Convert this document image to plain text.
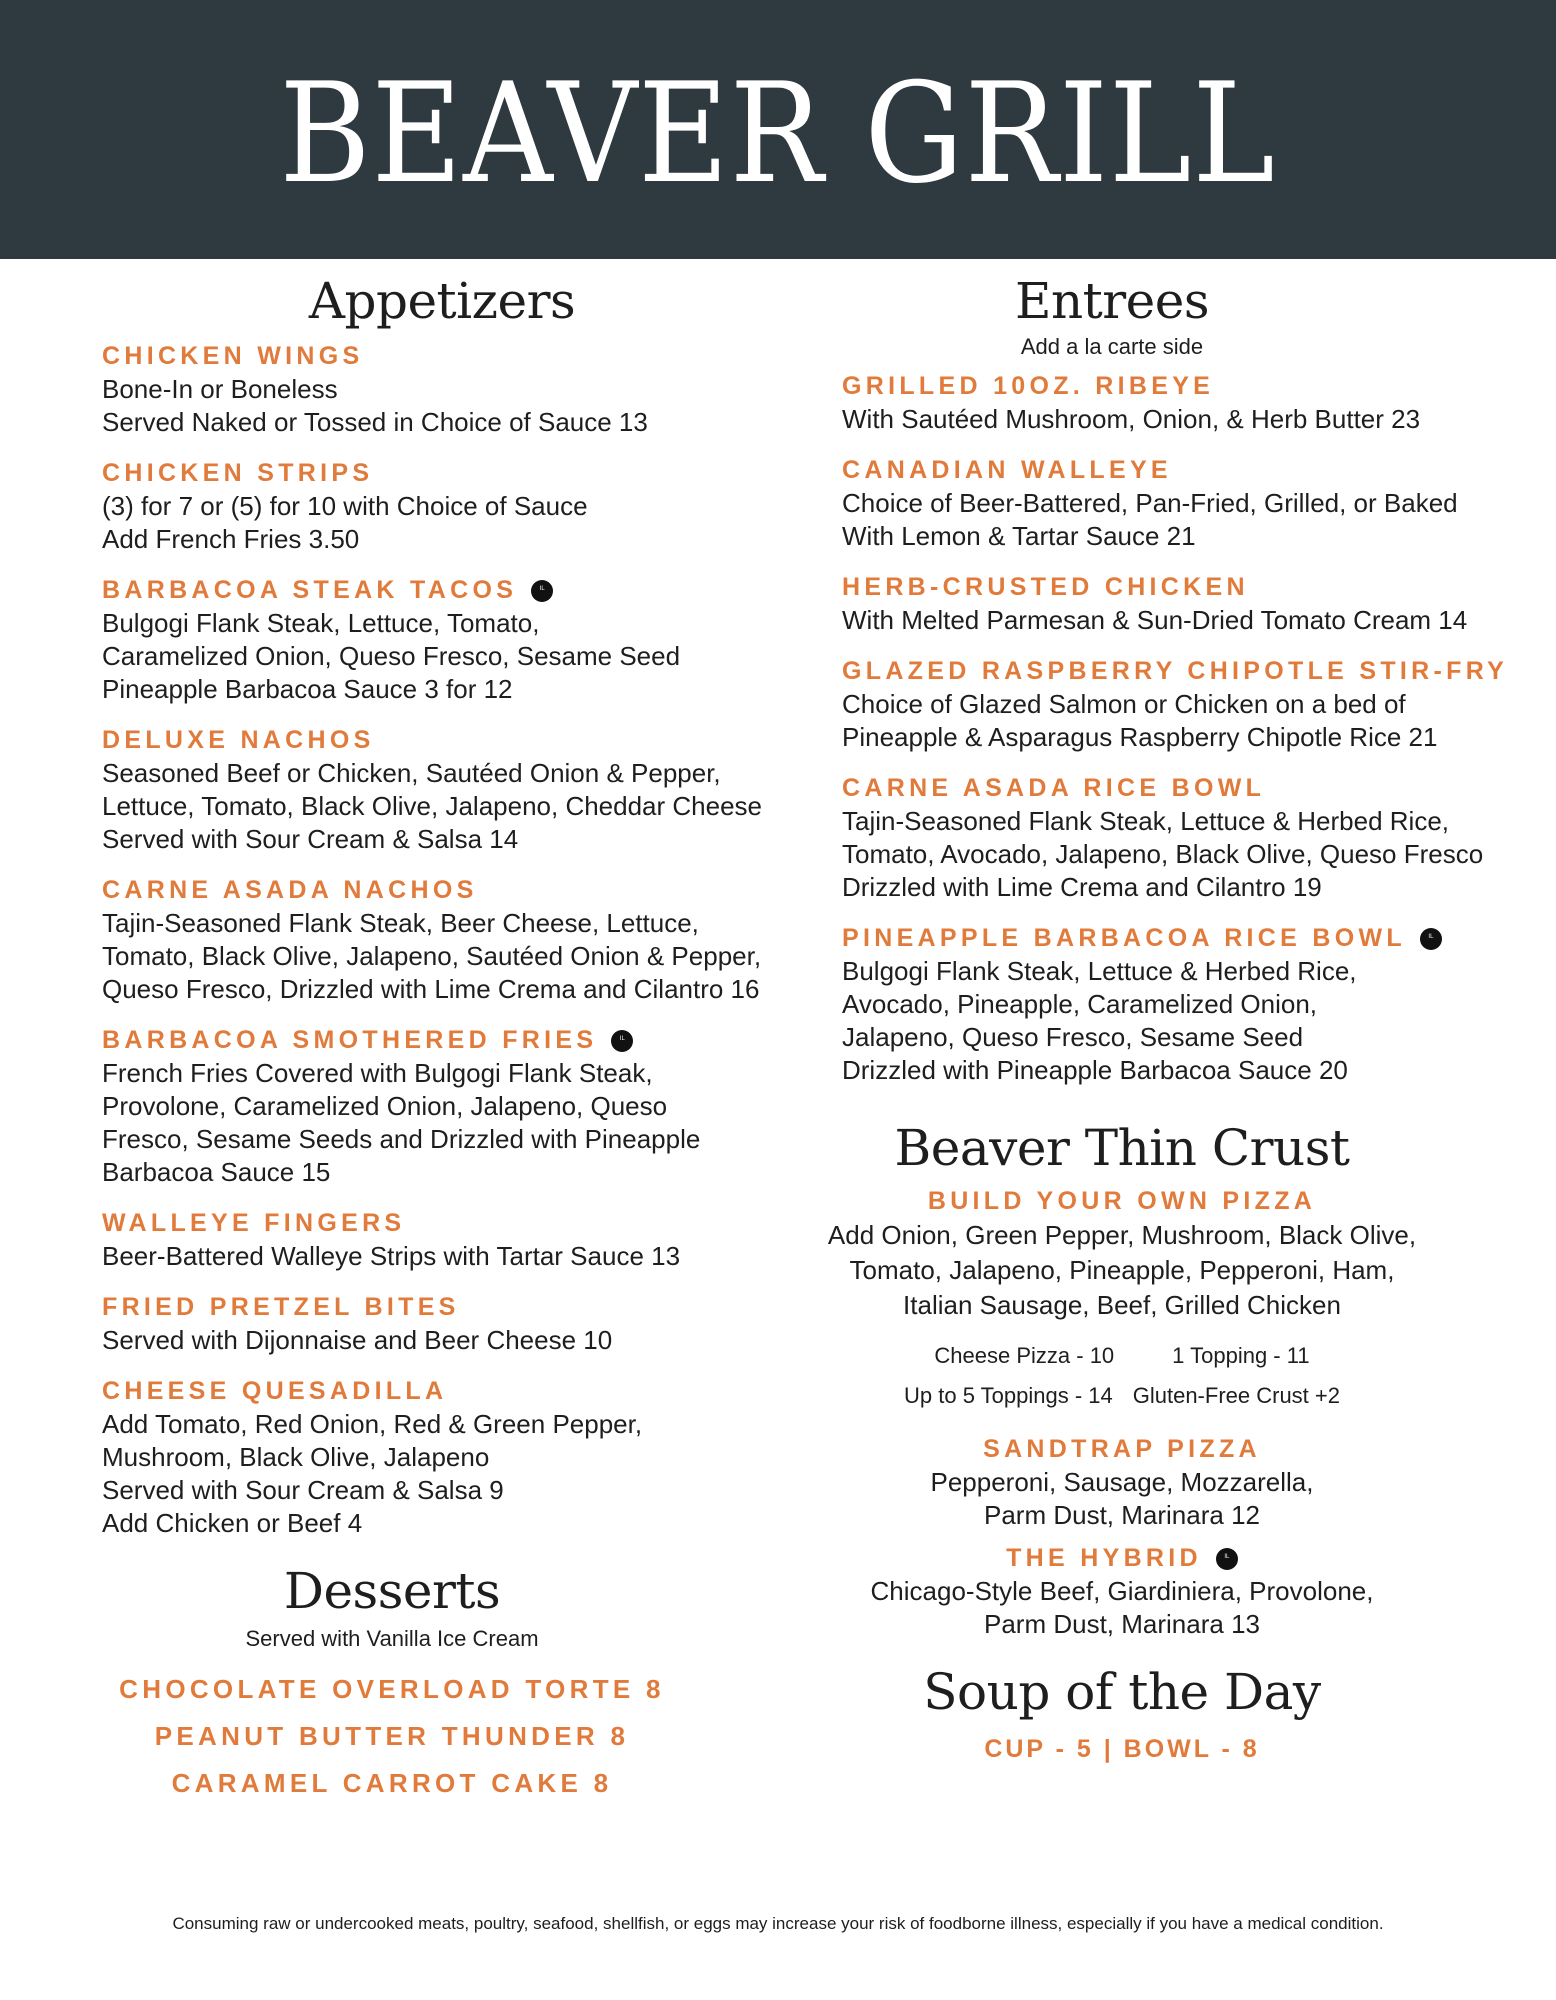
BEAVER GRILL
Appetizers
CHICKEN WINGS
Bone-In or Boneless
Served Naked or Tossed in Choice of Sauce 13
CHICKEN STRIPS
(3) for 7 or (5) for 10 with Choice of Sauce
Add French Fries 3.50
BARBACOA STEAK TACOS	IL
Bulgogi Flank Steak, Lettuce, Tomato,
Caramelized Onion, Queso Fresco, Sesame Seed
Pineapple Barbacoa Sauce 3 for 12
DELUXE NACHOS
Seasoned Beef or Chicken, Sautéed Onion & Pepper,
Lettuce, Tomato, Black Olive, Jalapeno, Cheddar Cheese
Served with Sour Cream & Salsa 14
CARNE ASADA NACHOS
Tajin-Seasoned Flank Steak, Beer Cheese, Lettuce,
Tomato, Black Olive, Jalapeno, Sautéed Onion & Pepper,
Queso Fresco, Drizzled with Lime Crema and Cilantro 16
BARBACOA SMOTHERED FRIES	IL
French Fries Covered with Bulgogi Flank Steak,
Provolone, Caramelized Onion, Jalapeno, Queso
Fresco, Sesame Seeds and Drizzled with Pineapple
Barbacoa Sauce 15
WALLEYE FINGERS
Beer-Battered Walleye Strips with Tartar Sauce 13
FRIED PRETZEL BITES
Served with Dijonnaise and Beer Cheese 10
CHEESE QUESADILLA
Add Tomato, Red Onion, Red & Green Pepper,
Mushroom, Black Olive, Jalapeno
Served with Sour Cream & Salsa 9
Add Chicken or Beef 4
Desserts
Served with Vanilla Ice Cream
CHOCOLATE OVERLOAD TORTE 8
PEANUT BUTTER THUNDER 8
CARAMEL CARROT CAKE 8
Entrees
Add a la carte side
GRILLED 10OZ. RIBEYE
With Sautéed Mushroom, Onion, & Herb Butter 23
CANADIAN WALLEYE
Choice of Beer-Battered, Pan-Fried, Grilled, or Baked
With Lemon & Tartar Sauce 21
HERB-CRUSTED CHICKEN
With Melted Parmesan & Sun-Dried Tomato Cream 14
GLAZED RASPBERRY CHIPOTLE STIR-FRY
Choice of Glazed Salmon or Chicken on a bed of
Pineapple & Asparagus Raspberry Chipotle Rice 21
CARNE ASADA RICE BOWL
Tajin-Seasoned Flank Steak, Lettuce & Herbed Rice,
Tomato, Avocado, Jalapeno, Black Olive, Queso Fresco
Drizzled with Lime Crema and Cilantro 19
PINEAPPLE BARBACOA RICE BOWL	IL
Bulgogi Flank Steak, Lettuce & Herbed Rice,
Avocado, Pineapple, Caramelized Onion,
Jalapeno, Queso Fresco, Sesame Seed
Drizzled with Pineapple Barbacoa Sauce 20
Beaver Thin Crust
BUILD YOUR OWN PIZZA
Add Onion, Green Pepper, Mushroom, Black Olive,
Tomato, Jalapeno, Pineapple, Pepperoni, Ham,
Italian Sausage, Beef, Grilled Chicken
Cheese Pizza - 10	1 Topping - 11
Up to 5 Toppings - 14 Gluten-Free Crust +2
SANDTRAP PIZZA
Pepperoni, Sausage, Mozzarella,
Parm Dust, Marinara 12
THE HYBRID	IL
Chicago-Style Beef, Giardiniera, Provolone,
Parm Dust, Marinara 13
Soup of the Day
CUP - 5 | BOWL - 8
Consuming raw or undercooked meats, poultry, seafood, shellfish, or eggs may increase your risk of foodborne illness, especially if you have a medical condition.
